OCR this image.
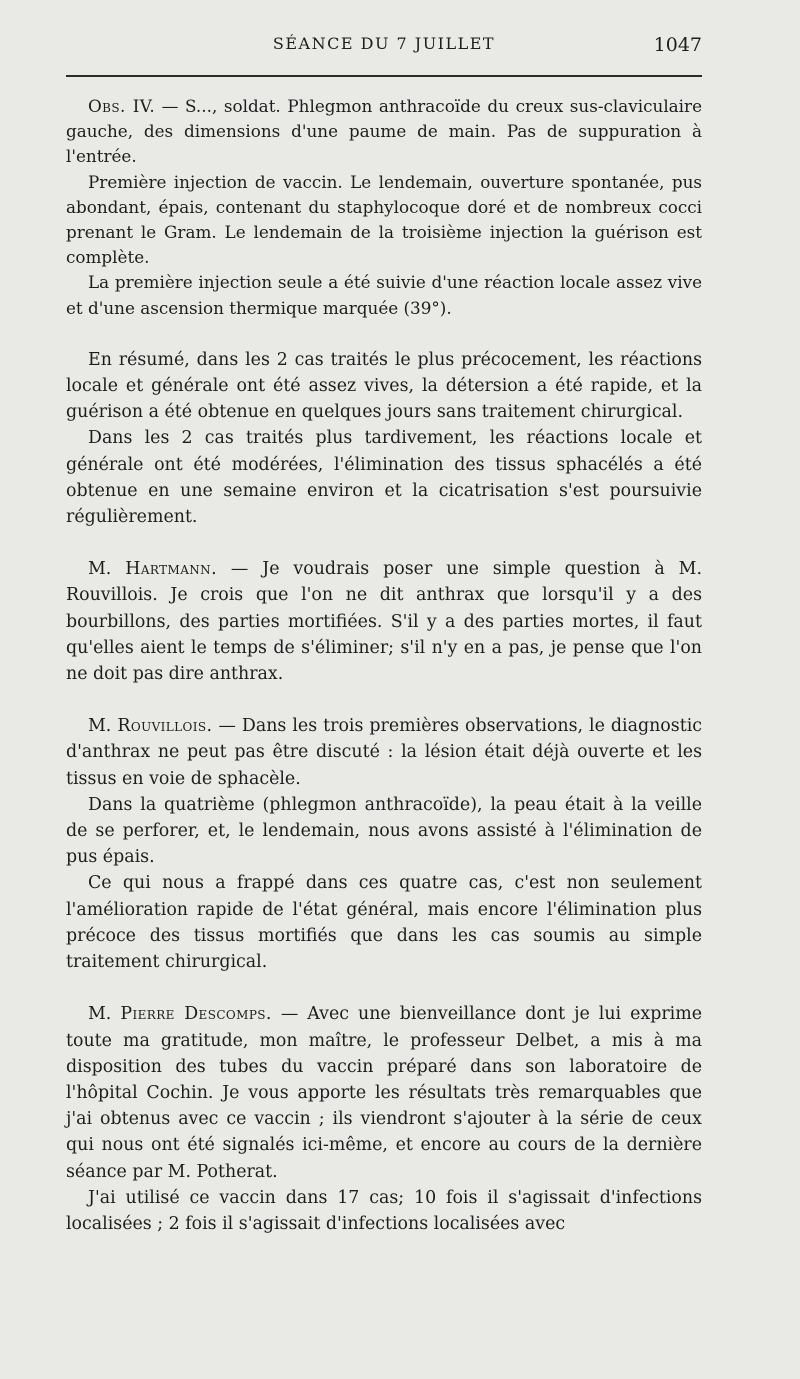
SÉANCE DU 7 JUILLET	1047

Obs. IV. — S..., soldat. Phlegmon anthracoïde du creux sus-claviculaire gauche, des dimensions d'une paume de main. Pas de suppuration à l'entrée.

Première injection de vaccin. Le lendemain, ouverture spontanée, pus abondant, épais, contenant du staphylocoque doré et de nombreux cocci prenant le Gram. Le lendemain de la troisième injection la guérison est complète.

La première injection seule a été suivie d'une réaction locale assez vive et d'une ascension thermique marquée (39°).

En résumé, dans les 2 cas traités le plus précocement, les réactions locale et générale ont été assez vives, la détersion a été rapide, et la guérison a été obtenue en quelques jours sans traitement chirurgical.

Dans les 2 cas traités plus tardivement, les réactions locale et générale ont été modérées, l'élimination des tissus sphacélés a été obtenue en une semaine environ et la cicatrisation s'est poursuivie régulièrement.

M. Hartmann. — Je voudrais poser une simple question à M. Rouvillois. Je crois que l'on ne dit anthrax que lorsqu'il y a des bourbillons, des parties mortifiées. S'il y a des parties mortes, il faut qu'elles aient le temps de s'éliminer; s'il n'y en a pas, je pense que l'on ne doit pas dire anthrax.

M. Rouvillois. — Dans les trois premières observations, le diagnostic d'anthrax ne peut pas être discuté : la lésion était déjà ouverte et les tissus en voie de sphacèle.

Dans la quatrième (phlegmon anthracoïde), la peau était à la veille de se perforer, et, le lendemain, nous avons assisté à l'élimination de pus épais.

Ce qui nous a frappé dans ces quatre cas, c'est non seulement l'amélioration rapide de l'état général, mais encore l'élimination plus précoce des tissus mortifiés que dans les cas soumis au simple traitement chirurgical.

M. Pierre Descomps. — Avec une bienveillance dont je lui exprime toute ma gratitude, mon maître, le professeur Delbet, a mis à ma disposition des tubes du vaccin préparé dans son laboratoire de l'hôpital Cochin. Je vous apporte les résultats très remarquables que j'ai obtenus avec ce vaccin ; ils viendront s'ajouter à la série de ceux qui nous ont été signalés ici-même, et encore au cours de la dernière séance par M. Potherat.

J'ai utilisé ce vaccin dans 17 cas; 10 fois il s'agissait d'infections localisées ; 2 fois il s'agissait d'infections localisées avec
